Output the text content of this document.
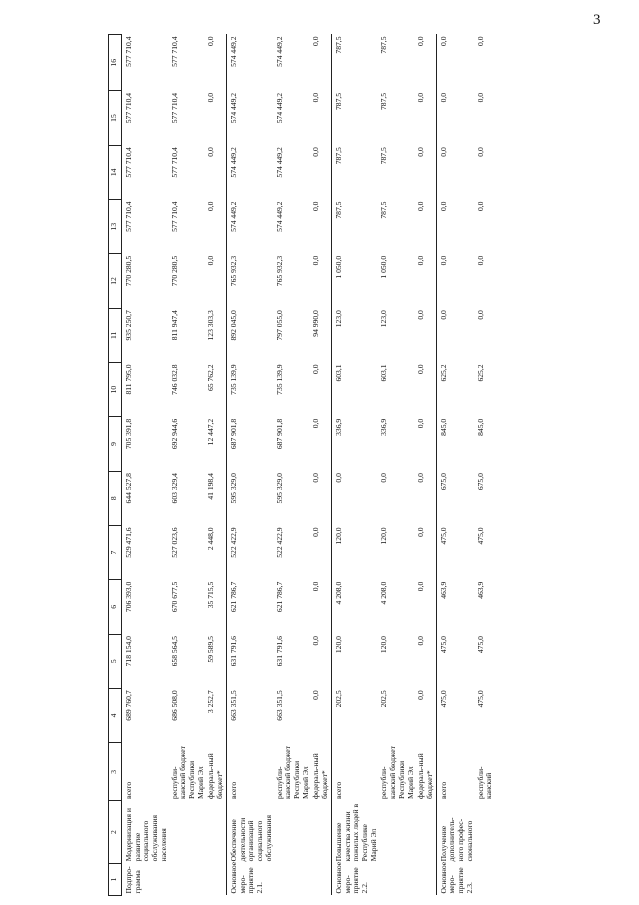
3
1	2	3	4	5	6	7	8	9	10	11	12	13	14	15	16
Подпро-грамма	Модернизация и развитие социального обслуживания населения	всего	689 760,7	718 154,0	706 393,0	529 471,6	644 527,8	705 391,8	811 795,0	935 250,7	770 280,5	577 710,4	577 710,4	577 710,4	577 710,4
		республи-канский бюджет Республики Марий Эл	686 508,0	658 564,5	670 677,5	527 023,6	603 329,4	692 944,6	746 032,8	811 947,4	770 280,5	577 710,4	577 710,4	577 710,4	577 710,4
		федераль-ный бюджет*	3 252,7	59 589,5	35 715,5	2 448,0	41 198,4	12 447,2	65 762,2	123 303,3	0,0	0,0	0,0	0,0	0,0
Основное меро-приятие 2.1.	Обеспечение деятельности организаций социального обслуживания	всего	663 351,5	631 791,6	621 786,7	522 422,9	595 329,0	687 901,8	735 139,9	892 045,0	765 932,3	574 449,2	574 449,2	574 449,2	574 449,2
		республи-канский бюджет Республики Марий Эл	663 351,5	631 791,6	621 786,7	522 422,9	595 329,0	687 901,8	735 139,9	797 055,0	765 932,3	574 449,2	574 449,2	574 449,2	574 449,2
		федераль-ный бюджет*	0,0	0,0	0,0	0,0	0,0	0,0	0,0	94 990,0	0,0	0,0	0,0	0,0	0,0
Основное меро-приятие 2.2.	Повышение качества жизни пожилых людей в Республике Марий Эл	всего	202,5	120,0	4 208,0	120,0	0,0	336,9	603,1	123,0	1 050,0	787,5	787,5	787,5	787,5
		республи-канский бюджет Республики Марий Эл	202,5	120,0	4 208,0	120,0	0,0	336,9	603,1	123,0	1 050,0	787,5	787,5	787,5	787,5
		федераль-ный бюджет*	0,0	0,0	0,0	0,0	0,0	0,0	0,0	0,0	0,0	0,0	0,0	0,0	0,0
Основное меро-приятие 2.3.	Получение дополнитель-ного профес-сионального	всего	475,0	475,0	463,9	475,0	675,0	845,0	625,2	0,0	0,0	0,0	0,0	0,0	0,0
		республи-канский	475,0	475,0	463,9	475,0	675,0	845,0	625,2	0,0	0,0	0,0	0,0	0,0	0,0
